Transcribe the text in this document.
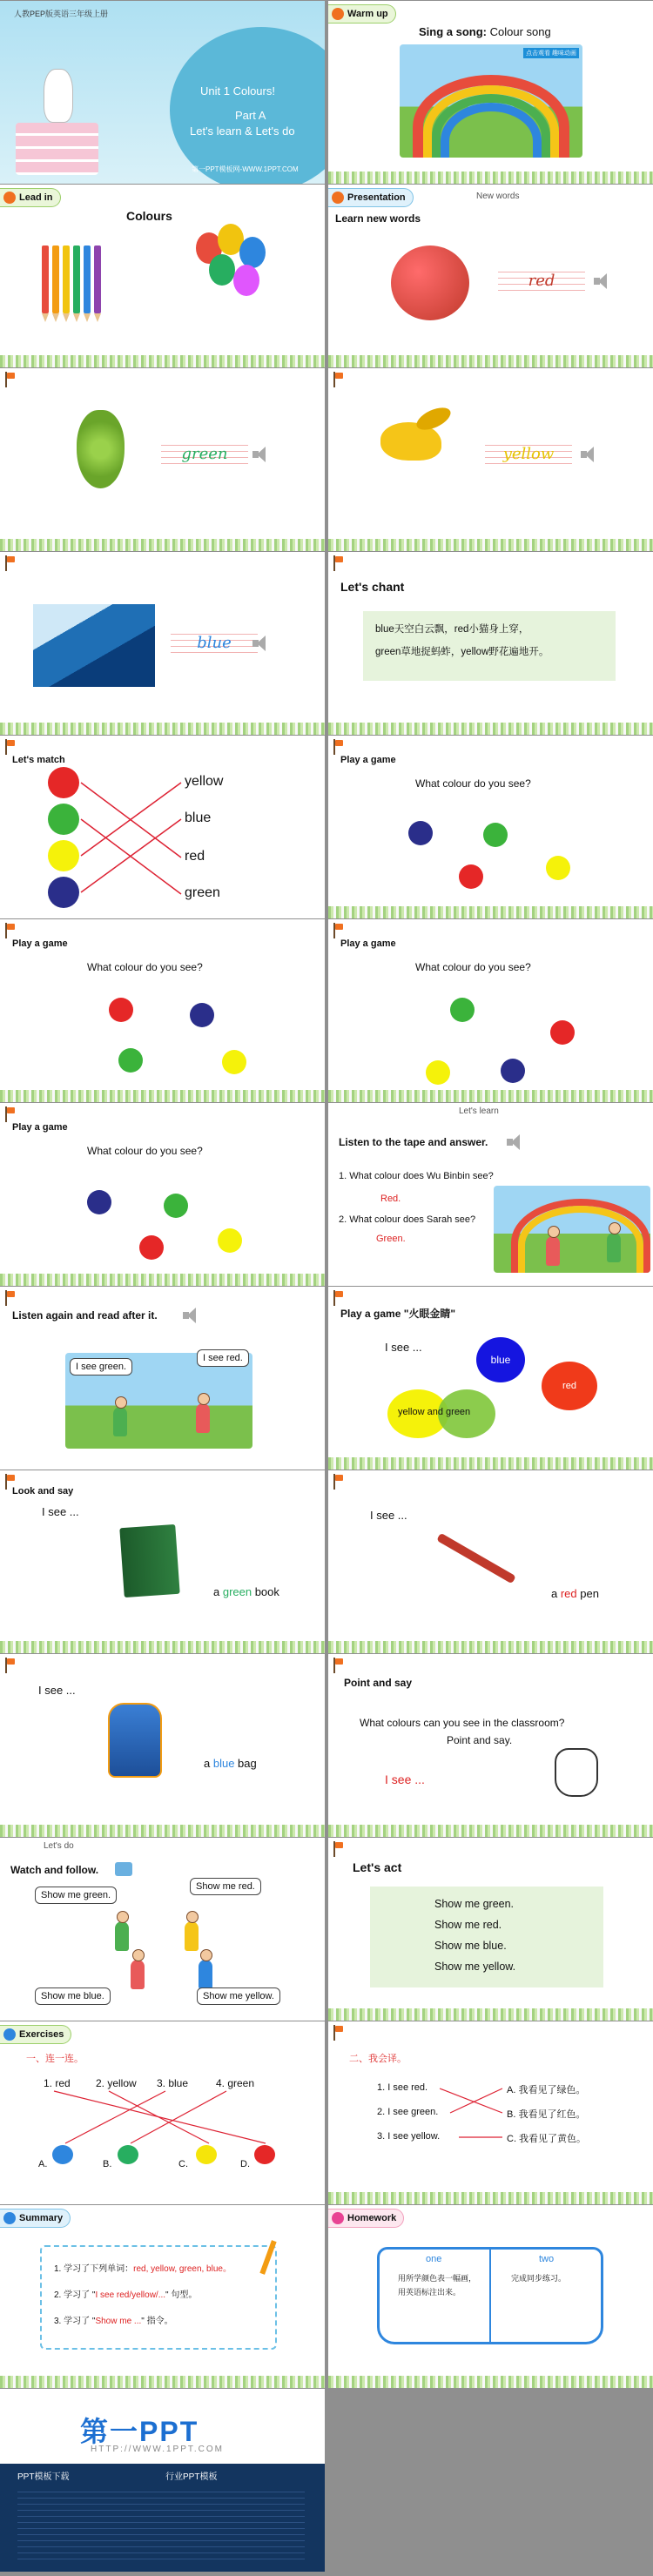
人教PEP版英语三年级上册
Unit 1 Colours!
Part A
Let's learn & Let's do
第一PPT模板网-WWW.1PPT.COM
Warm up
Sing a song: Colour song
点击观看 趣味动画
Lead in
Colours
Presentation	New words
Learn new words
red
green	yellow
blue
Let's chant
blue天空白云飘，red小猫身上穿，
green草地捉蚂蚱，yellow野花遍地开。
Let's match
yellow
blue
red
green
Play a game
What colour do you see?
Play a game
What colour do you see?
Play a game
What colour do you see?
Play a game
What colour do you see?
Let's learn
Listen to the tape and answer.
1. What colour does Wu Binbin see?
Red.
2. What colour does Sarah see?
Green.
Listen again and read after it.
I see green.
I see red.
Play a game "火眼金睛"
I see ...
blue
red
yellow and green
Look and say
I see ...
a green book
I see ...
a red pen
I see ...
a blue bag
Point and say
What colours can you see in the classroom?
Point and say.
I see ...
Let's do
Watch and follow.
Show me green.
Show me red.
Show me blue.	Show me yellow.
Let's act
Show me green.
Show me red.
Show me blue.
Show me yellow.
Exercises
一、连一连。
1. red 2. yellow 3. blue	4. green
A.	B.	C.	D.
二、我会译。
1. I see red.
2. I see green.
3. I see yellow.
A. 我看见了绿色。
B. 我看见了红色。
C. 我看见了黄色。
Summary
1. 学习了下列单词：red, yellow, green, blue。
2. 学习了 "I see red/yellow/..." 句型。
3. 学习了 "Show me ..." 指令。
Homework
one	two
用所学颜色表一幅画，用英语标注出来。
完成同步练习。
第一PPT
HTTP://WWW.1PPT.COM
PPT模板下载	行业PPT模板
